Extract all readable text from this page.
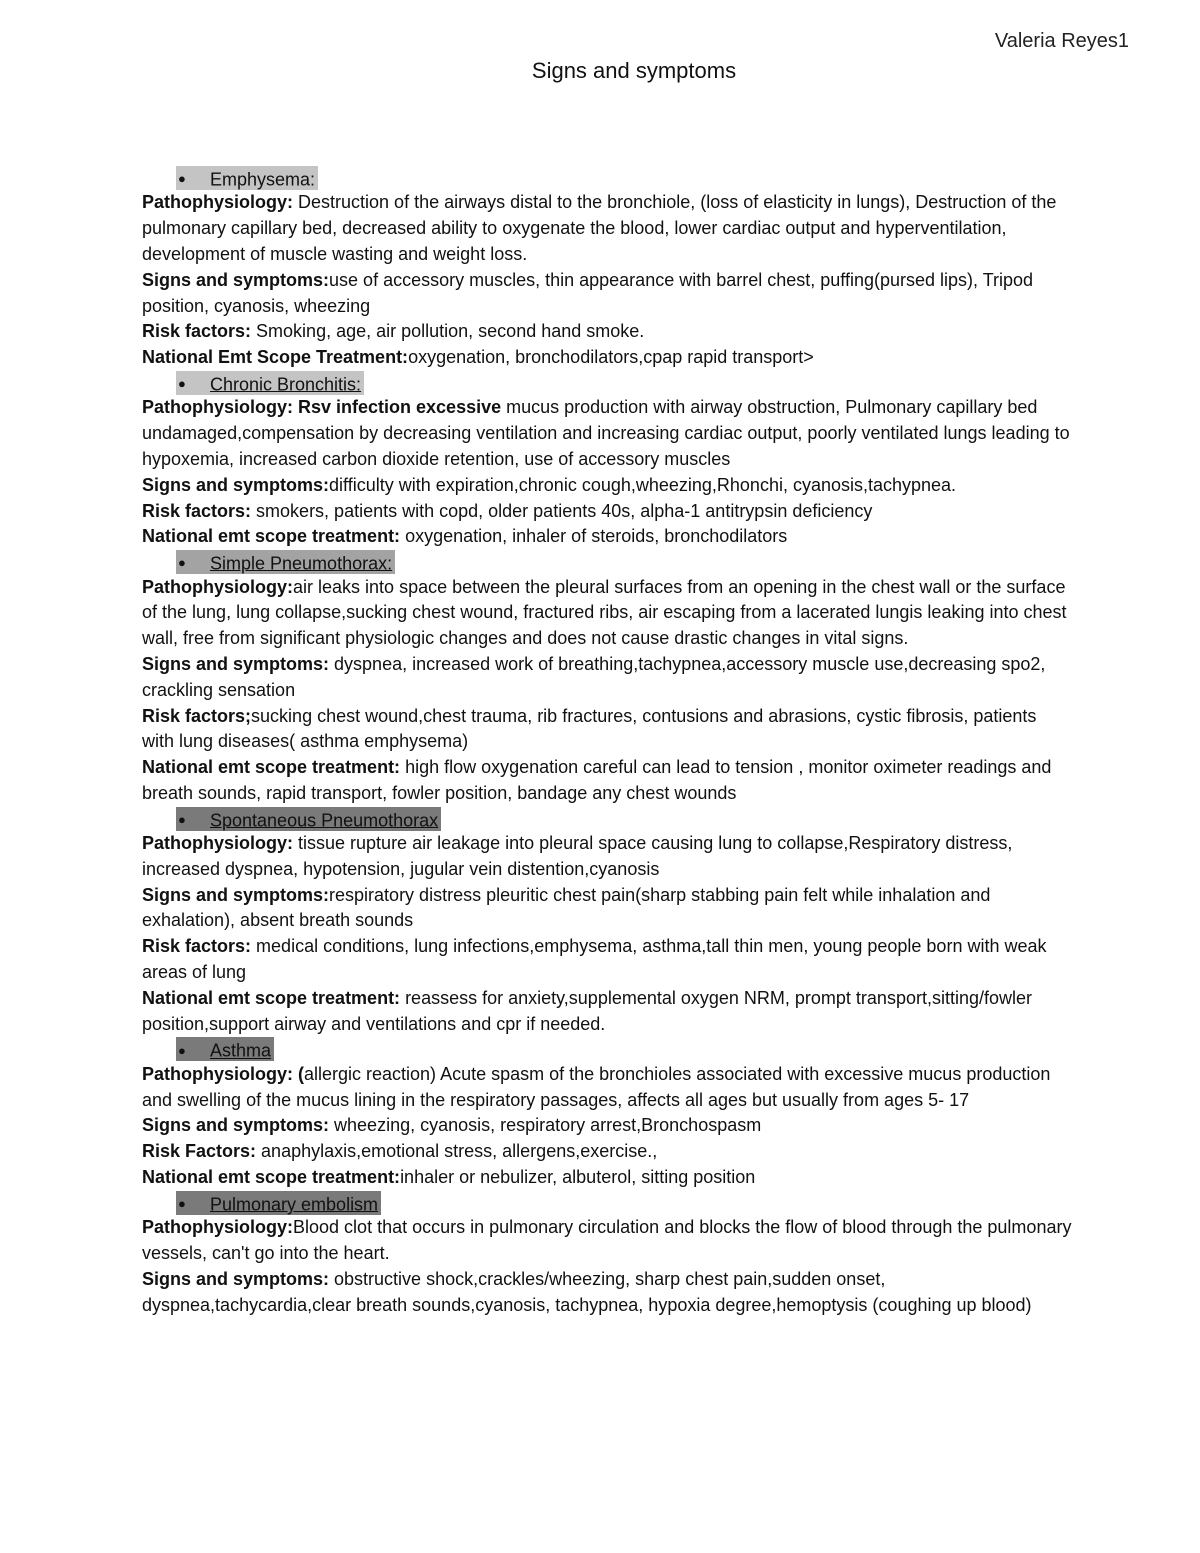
Valeria Reyes1
Signs and symptoms
● Emphysema:

Pathophysiology: Destruction of the airways distal to the bronchiole, (loss of elasticity in lungs), Destruction of the pulmonary capillary bed, decreased ability to oxygenate the blood, lower cardiac output and hyperventilation, development of muscle wasting and weight loss.

Signs and symptoms:use of accessory muscles, thin appearance with barrel chest, puffing(pursed lips), Tripod position, cyanosis, wheezing

Risk factors: Smoking, age, air pollution, second hand smoke.

National Emt Scope Treatment:oxygenation, bronchodilators,cpap rapid transport>

● Chronic Bronchitis:

Pathophysiology: Rsv infection excessive mucus production with airway obstruction, Pulmonary capillary bed undamaged,compensation by decreasing ventilation and increasing cardiac output, poorly ventilated lungs leading to hypoxemia, increased carbon dioxide retention, use of accessory muscles

Signs and symptoms:difficulty with expiration,chronic cough,wheezing,Rhonchi, cyanosis,tachypnea.

Risk factors: smokers, patients with copd, older patients 40s, alpha-1 antitrypsin deficiency

National emt scope treatment: oxygenation, inhaler of steroids, bronchodilators

● Simple Pneumothorax:

Pathophysiology:air leaks into space between the pleural surfaces from an opening in the chest wall or the surface of the lung, lung collapse,sucking chest wound, fractured ribs, air escaping from a lacerated lungis leaking into chest wall, free from significant physiologic changes and does not cause drastic changes in vital signs.

Signs and symptoms: dyspnea, increased work of breathing,tachypnea,accessory muscle use,decreasing spo2, crackling sensation

Risk factors;sucking chest wound,chest trauma, rib fractures, contusions and abrasions, cystic fibrosis, patients with lung diseases( asthma emphysema)

National emt scope treatment: high flow oxygenation careful can lead to tension , monitor oximeter readings and breath sounds, rapid transport, fowler position, bandage any chest wounds

● Spontaneous Pneumothorax

Pathophysiology: tissue rupture air leakage into pleural space causing lung to collapse,Respiratory distress, increased dyspnea, hypotension, jugular vein distention,cyanosis

Signs and symptoms:respiratory distress pleuritic chest pain(sharp stabbing pain felt while inhalation and exhalation), absent breath sounds

Risk factors: medical conditions, lung infections,emphysema, asthma,tall thin men, young people born with weak areas of lung

National emt scope treatment: reassess for anxiety,supplemental oxygen NRM, prompt transport,sitting/fowler position,support airway and ventilations and cpr if needed.

● Asthma

Pathophysiology: (allergic reaction) Acute spasm of the bronchioles associated with excessive mucus production and swelling of the mucus lining in the respiratory passages, affects all ages but usually from ages 5- 17

Signs and symptoms: wheezing, cyanosis, respiratory arrest,Bronchospasm

Risk Factors: anaphylaxis,emotional stress, allergens,exercise.,

National emt scope treatment:inhaler or nebulizer, albuterol, sitting position

● Pulmonary embolism

Pathophysiology:Blood clot that occurs in pulmonary circulation and blocks the flow of blood through the pulmonary vessels, can't go into the heart.

Signs and symptoms: obstructive shock,crackles/wheezing, sharp chest pain,sudden onset, dyspnea,tachycardia,clear breath sounds,cyanosis, tachypnea, hypoxia degree,hemoptysis (coughing up blood)
